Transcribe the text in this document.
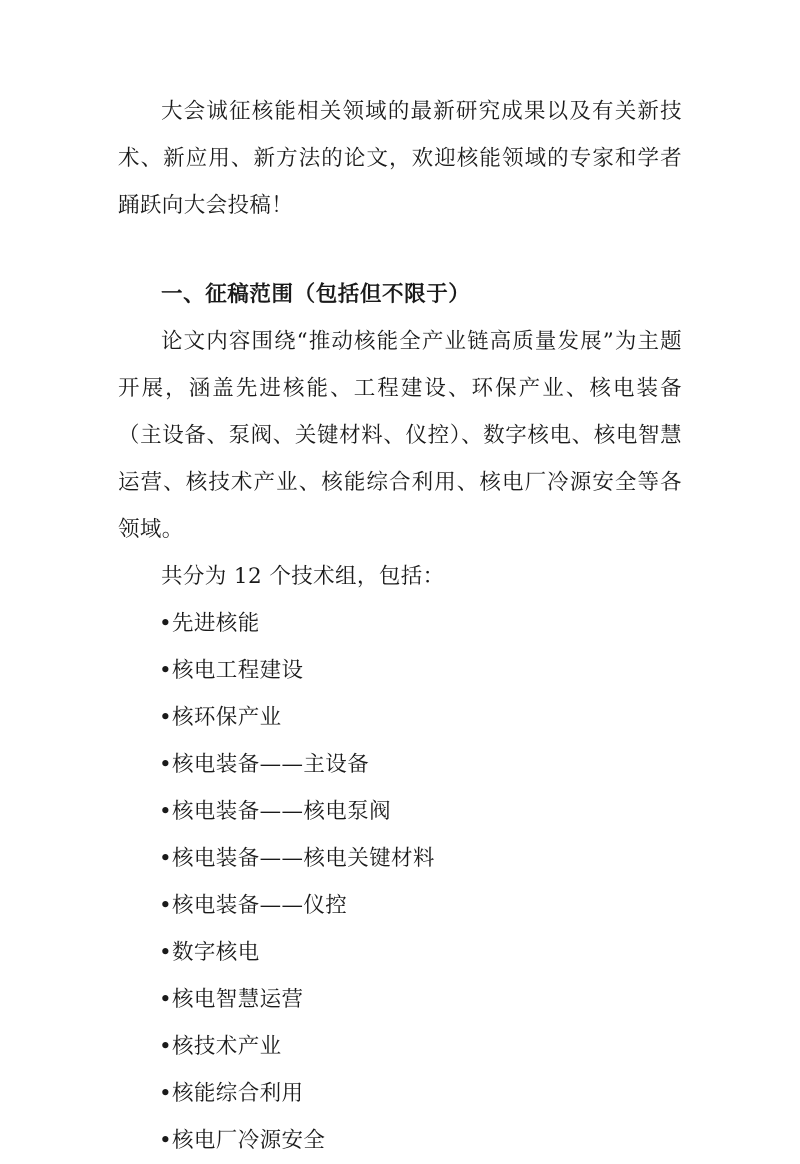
大会诚征核能相关领域的最新研究成果以及有关新技术、新应用、新方法的论文，欢迎核能领域的专家和学者踊跃向大会投稿！

一、征稿范围（包括但不限于）

论文内容围绕“推动核能全产业链高质量发展”为主题开展，涵盖先进核能、工程建设、环保产业、核电装备（主设备、泵阀、关键材料、仪控）、数字核电、核电智慧运营、核技术产业、核能综合利用、核电厂冷源安全等各领域。

共分为 12 个技术组，包括：

• 先进核能
• 核电工程建设
• 核环保产业
• 核电装备——主设备
• 核电装备——核电泵阀
• 核电装备——核电关键材料
• 核电装备——仪控
• 数字核电
• 核电智慧运营
• 核技术产业
• 核能综合利用
• 核电厂冷源安全
